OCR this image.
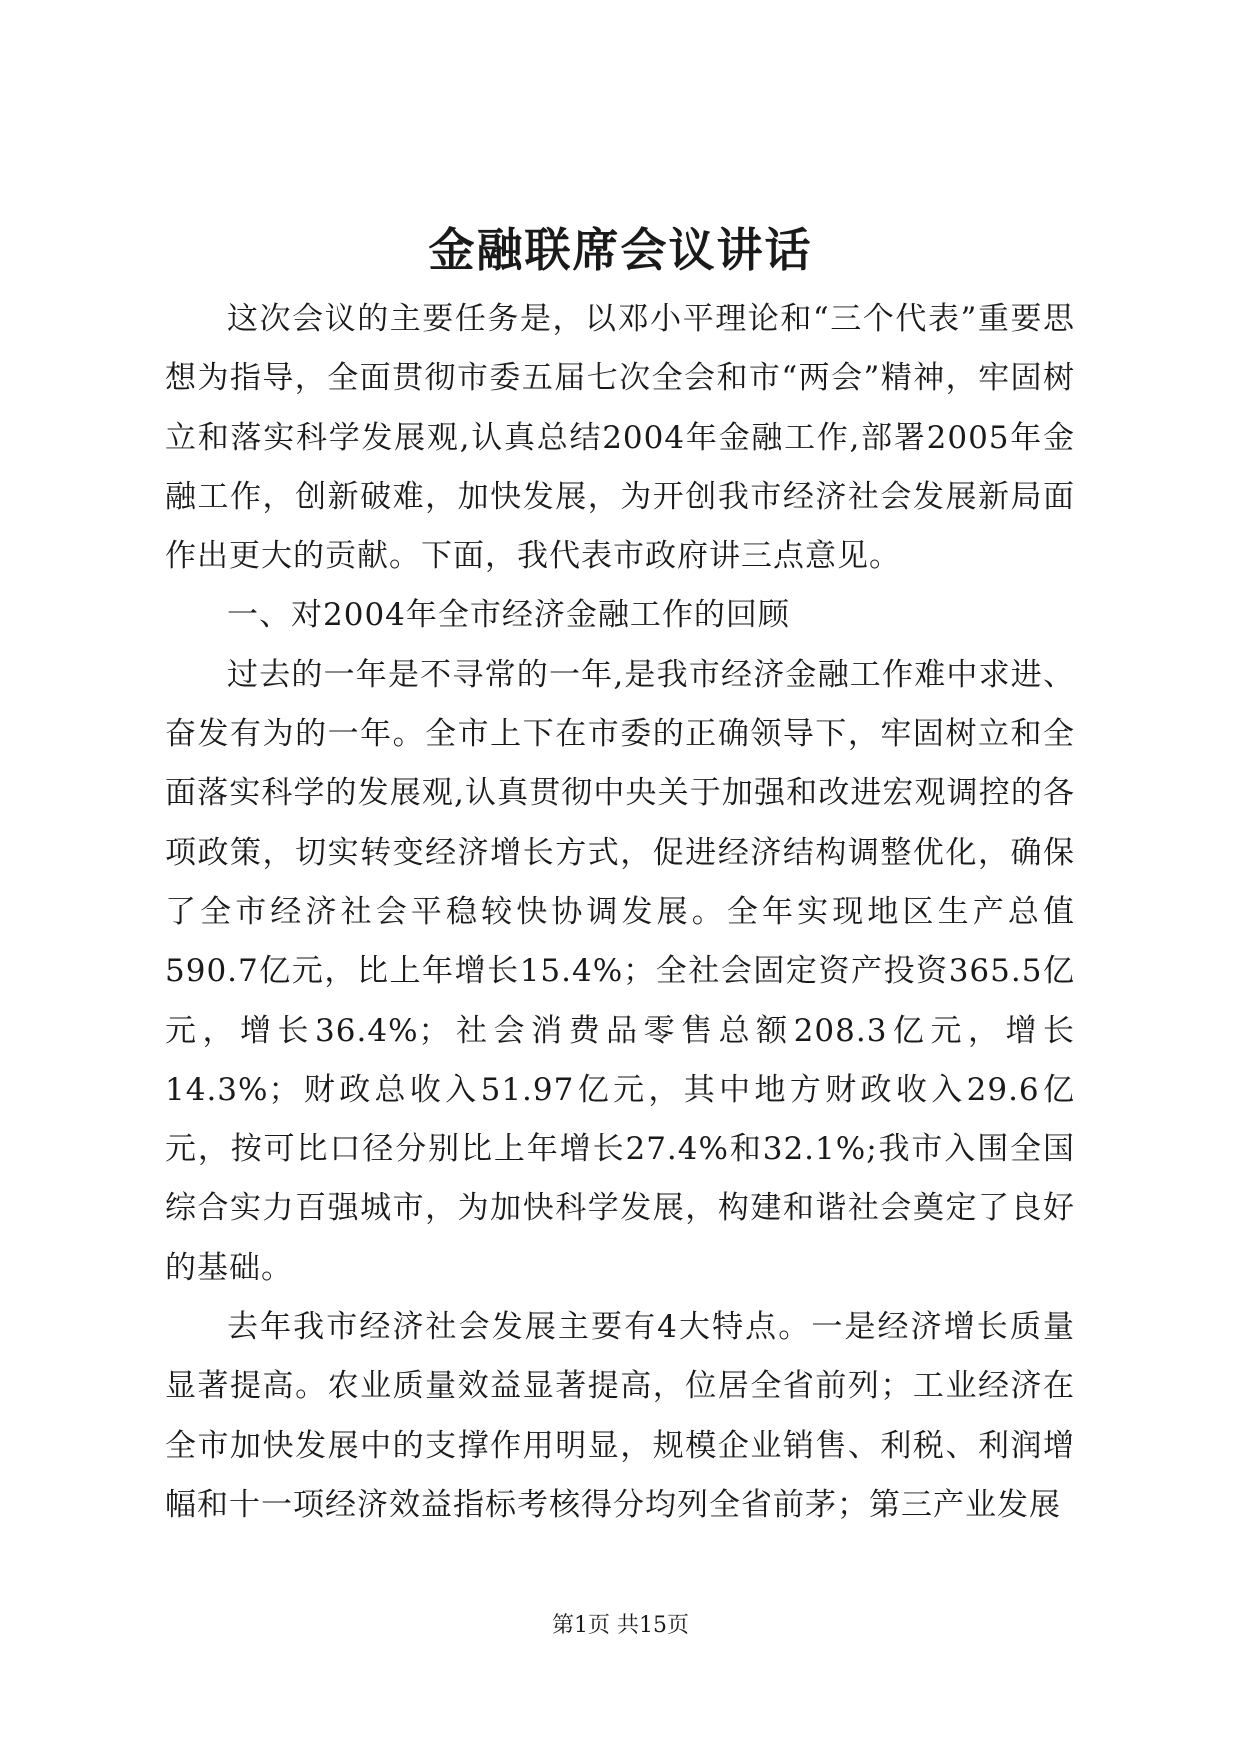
金融联席会议讲话

这次会议的主要任务是，以邓小平理论和“三个代表”重要思想为指导，全面贯彻市委五届七次全会和市“两会”精神，牢固树立和落实科学发展观,认真总结2004年金融工作,部署2005年金融工作，创新破难，加快发展，为开创我市经济社会发展新局面作出更大的贡献。下面，我代表市政府讲三点意见。

一、对2004年全市经济金融工作的回顾

过去的一年是不寻常的一年,是我市经济金融工作难中求进、奋发有为的一年。全市上下在市委的正确领导下，牢固树立和全面落实科学的发展观,认真贯彻中央关于加强和改进宏观调控的各项政策，切实转变经济增长方式，促进经济结构调整优化，确保了全市经济社会平稳较快协调发展。全年实现地区生产总值590.7亿元，比上年增长15.4%；全社会固定资产投资365.5亿元，增长36.4%；社会消费品零售总额208.3亿元，增长14.3%；财政总收入51.97亿元，其中地方财政收入29.6亿元，按可比口径分别比上年增长27.4%和32.1%;我市入围全国综合实力百强城市，为加快科学发展，构建和谐社会奠定了良好的基础。

去年我市经济社会发展主要有4大特点。一是经济增长质量显著提高。农业质量效益显著提高，位居全省前列；工业经济在全市加快发展中的支撑作用明显，规模企业销售、利税、利润增幅和十一项经济效益指标考核得分均列全省前茅；第三产业发展

第1页 共15页
